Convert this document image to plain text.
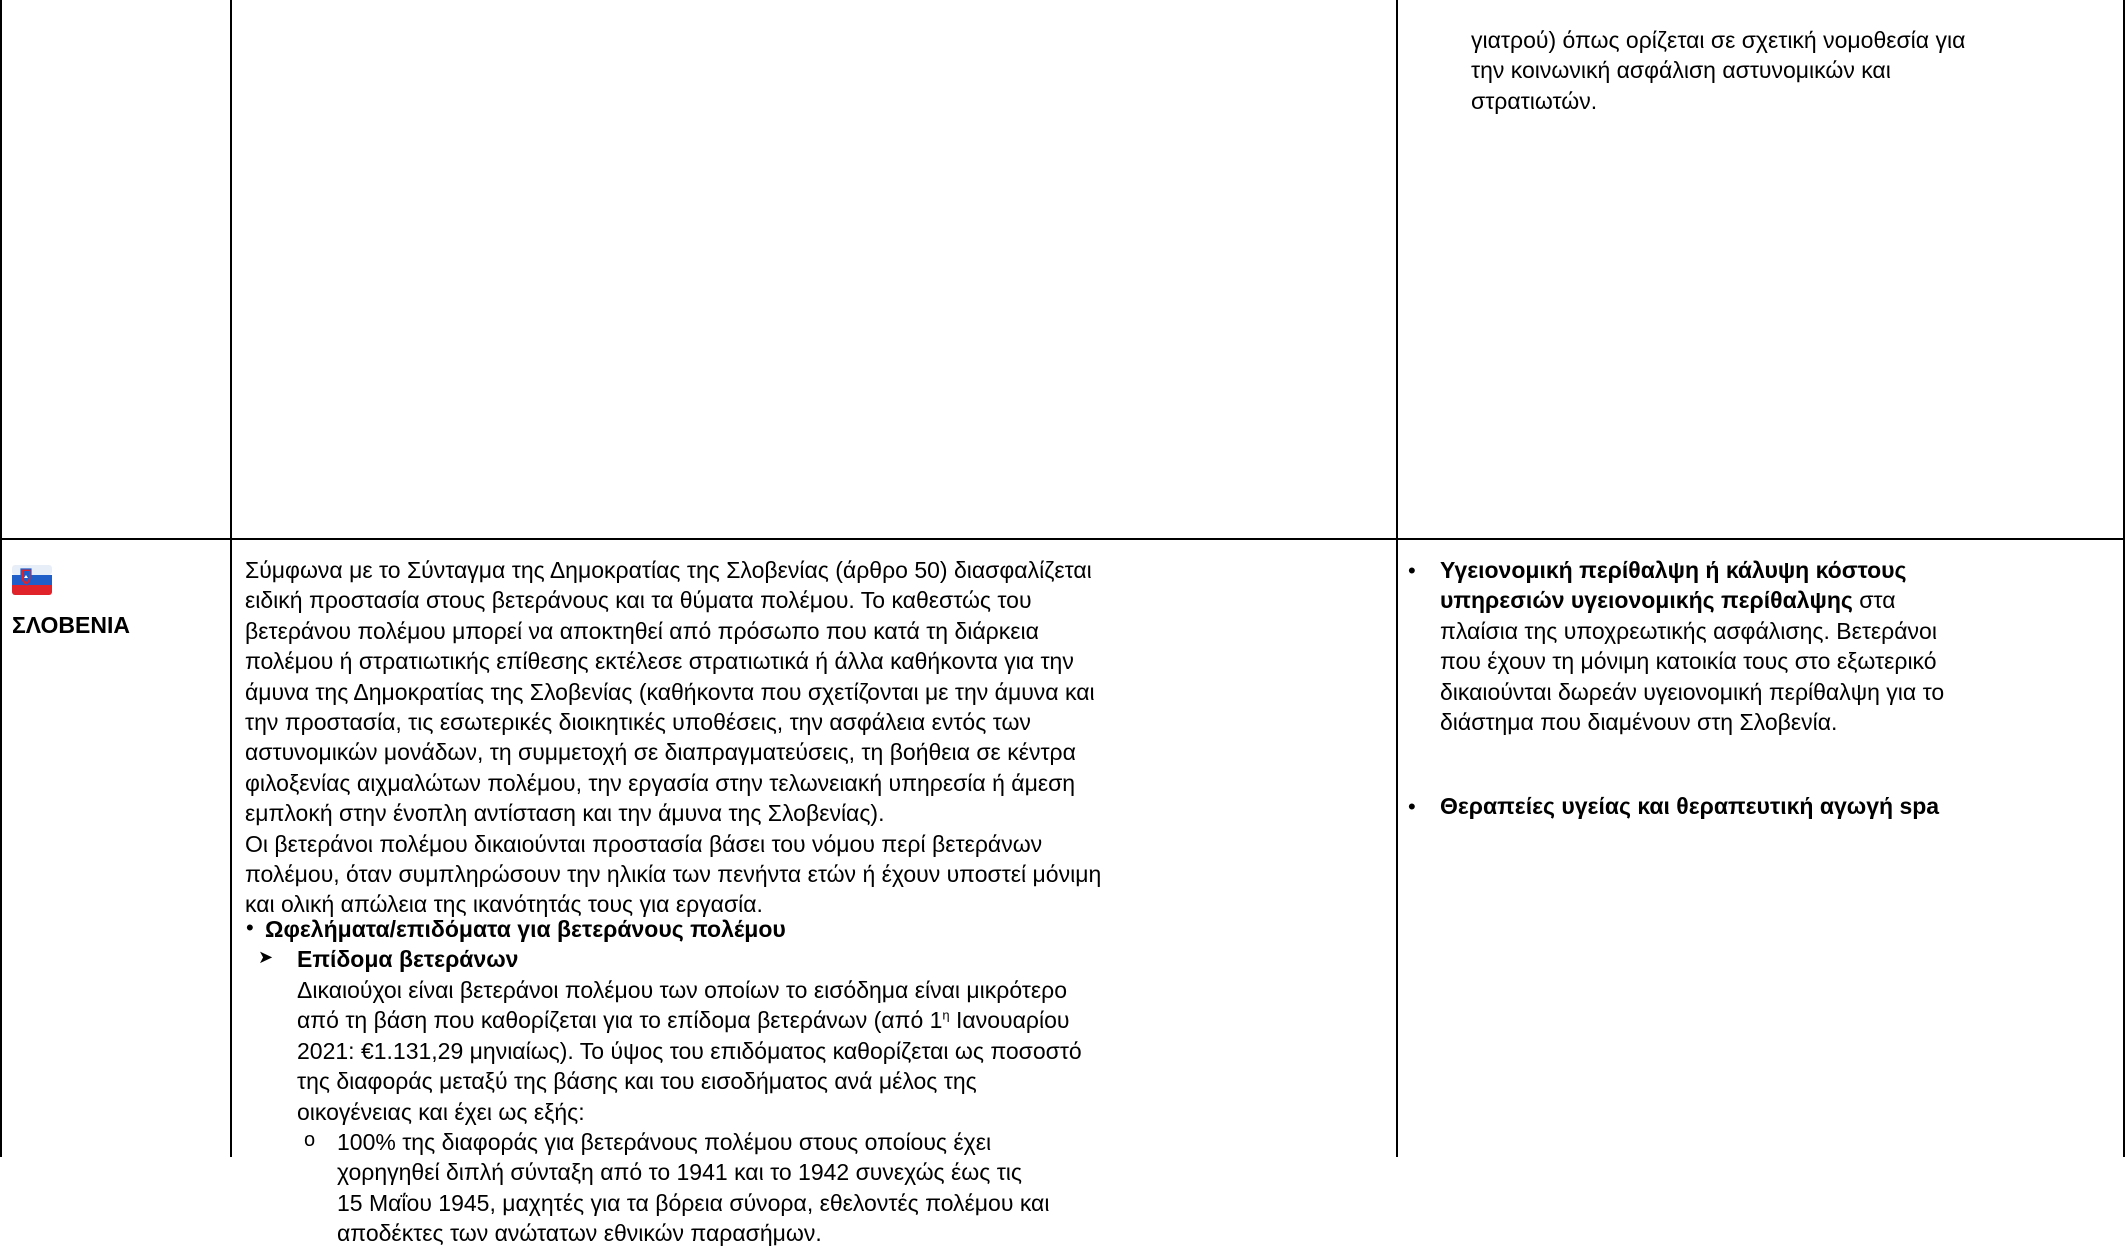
γιατρού) όπως ορίζεται σε σχετική νομοθεσία για
την κοινωνική ασφάλιση αστυνομικών και
στρατιωτών.
ΣΛΟΒΕΝΙΑ
Σύμφωνα με το Σύνταγμα της Δημοκρατίας της Σλοβενίας (άρθρο 50) διασφαλίζεται
ειδική προστασία στους βετεράνους και τα θύματα πολέμου. Το καθεστώς του
βετεράνου πολέμου μπορεί να αποκτηθεί από πρόσωπο που κατά τη διάρκεια
πολέμου ή στρατιωτικής επίθεσης εκτέλεσε στρατιωτικά ή άλλα καθήκοντα για την
άμυνα της Δημοκρατίας της Σλοβενίας (καθήκοντα που σχετίζονται με την άμυνα και
την προστασία, τις εσωτερικές διοικητικές υποθέσεις, την ασφάλεια εντός των
αστυνομικών μονάδων, τη συμμετοχή σε διαπραγματεύσεις, τη βοήθεια σε κέντρα
φιλοξενίας αιχμαλώτων πολέμου, την εργασία στην τελωνειακή υπηρεσία ή άμεση
εμπλοκή στην ένοπλη αντίσταση και την άμυνα της Σλοβενίας).
Οι βετεράνοι πολέμου δικαιούνται προστασία βάσει του νόμου περί βετεράνων
πολέμου, όταν συμπληρώσουν την ηλικία των πενήντα ετών ή έχουν υποστεί μόνιμη
και ολική απώλεια της ικανότητάς τους για εργασία.
• Ωφελήματα/επιδόματα για βετεράνους πολέμου
➤ Επίδομα βετεράνων
Δικαιούχοι είναι βετεράνοι πολέμου των οποίων το εισόδημα είναι μικρότερο
από τη βάση που καθορίζεται για το επίδομα βετεράνων (από $1^\eta$ Ιανουαρίου
2021: €1.131,29 μηνιαίως). Το ύψος του επιδόματος καθορίζεται ως ποσοστό
της διαφοράς μεταξύ της βάσης και του εισοδήματος ανά μέλος της
οικογένειας και έχει ως εξής:
o 100% της διαφοράς για βετεράνους πολέμου στους οποίους έχει
χορηγηθεί διπλή σύνταξη από το 1941 και το 1942 συνεχώς έως τις
15 Μαΐου 1945, μαχητές για τα βόρεια σύνορα, εθελοντές πολέμου και
αποδέκτες των ανώτατων εθνικών παρασήμων.
• Υγειονομική περίθαλψη ή κάλυψη κόστους
υπηρεσιών υγειονομικής περίθαλψης στα
πλαίσια της υποχρεωτικής ασφάλισης. Βετεράνοι
που έχουν τη μόνιμη κατοικία τους στο εξωτερικό
δικαιούνται δωρεάν υγειονομική περίθαλψη για το
διάστημα που διαμένουν στη Σλοβενία.
• Θεραπείες υγείας και θεραπευτική αγωγή spa
